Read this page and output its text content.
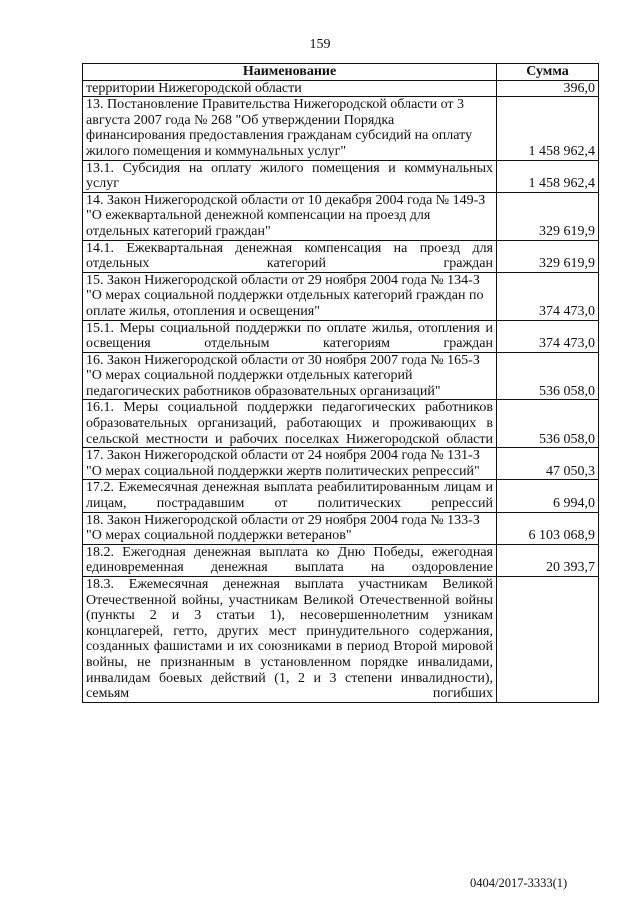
159
Наименование	Сумма
территории Нижегородской области	396,0
13. Постановление Правительства Нижегородской области от 3 августа 2007 года № 268 "Об утверждении Порядка финансирования предоставления гражданам субсидий на оплату жилого помещения и коммунальных услуг"	1 458 962,4
13.1. Субсидия на оплату жилого помещения и коммунальных услуг	1 458 962,4
14. Закон Нижегородской области от 10 декабря 2004 года № 149-З "О ежеквартальной денежной компенсации на проезд для отдельных категорий граждан"	329 619,9
14.1. Ежеквартальная денежная компенсация на проезд для отдельных категорий граждан	329 619,9
15. Закон Нижегородской области от 29 ноября 2004 года № 134-З "О мерах социальной поддержки отдельных категорий граждан по оплате жилья, отопления и освещения"	374 473,0
15.1. Меры социальной поддержки по оплате жилья, отопления и освещения отдельным категориям граждан	374 473,0
16. Закон Нижегородской области от 30 ноября 2007 года № 165-З "О мерах социальной поддержки отдельных категорий педагогических работников образовательных организаций"	536 058,0
16.1. Меры социальной поддержки педагогических работников образовательных организаций, работающих и проживающих в сельской местности и рабочих поселках Нижегородской области	536 058,0
17. Закон Нижегородской области от 24 ноября 2004 года № 131-З "О мерах социальной поддержки жертв политических репрессий"	47 050,3
17.2. Ежемесячная денежная выплата реабилитированным лицам и лицам, пострадавшим от политических репрессий	6 994,0
18. Закон Нижегородской области от 29 ноября 2004 года № 133-З "О мерах социальной поддержки ветеранов"	6 103 068,9
18.2. Ежегодная денежная выплата ко Дню Победы, ежегодная единовременная денежная выплата на оздоровление	20 393,7
18.3. Ежемесячная денежная выплата участникам Великой Отечественной войны, участникам Великой Отечественной войны (пункты 2 и 3 статьи 1), несовершеннолетним узникам концлагерей, гетто, других мест принудительного содержания, созданных фашистами и их союзниками в период Второй мировой войны, не признанным в установленном порядке инвалидами, инвалидам боевых действий (1, 2 и 3 степени инвалидности), семьям погибших	
0404/2017-3333(1)
